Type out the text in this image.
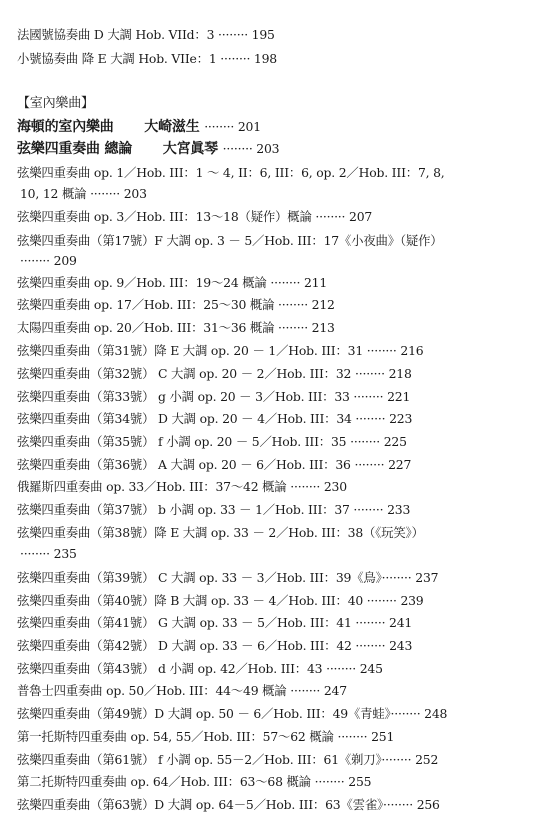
法國號協奏曲 D 大調 Hob. VIId：3 ········ 195
小號協奏曲 降 E 大調 Hob. VIIe：1 ········ 198
【室內樂曲】
海頓的室內樂曲 大崎滋生 ········ 201
弦樂四重奏曲 總論 大宮眞琴 ········ 203
弦樂四重奏曲 op. 1／Hob. III：1 ～ 4, II：6, III：6, op. 2／Hob. III：7, 8,
10, 12 概論 ········ 203
弦樂四重奏曲 op. 3／Hob. III：13～18（疑作）概論 ········ 207
弦樂四重奏曲（第17號）F 大調 op. 3 － 5／Hob. III：17《小夜曲》（疑作）
········ 209
弦樂四重奏曲 op. 9／Hob. III：19～24 概論 ········ 211
弦樂四重奏曲 op. 17／Hob. III：25～30 概論 ········ 212
太陽四重奏曲 op. 20／Hob. III：31～36 概論 ········ 213
弦樂四重奏曲（第31號）降 E 大調 op. 20 － 1／Hob. III：31 ········ 216
弦樂四重奏曲（第32號） C 大調 op. 20 － 2／Hob. III：32 ········ 218
弦樂四重奏曲（第33號） g 小調 op. 20 － 3／Hob. III：33 ········ 221
弦樂四重奏曲（第34號） D 大調 op. 20 － 4／Hob. III：34 ········ 223
弦樂四重奏曲（第35號） f 小調 op. 20 － 5／Hob. III：35 ········ 225
弦樂四重奏曲（第36號） A 大調 op. 20 － 6／Hob. III：36 ········ 227
俄羅斯四重奏曲 op. 33／Hob. III：37～42 概論 ········ 230
弦樂四重奏曲（第37號） b 小調 op. 33 － 1／Hob. III：37 ········ 233
弦樂四重奏曲（第38號）降 E 大調 op. 33 － 2／Hob. III：38（《玩笑》）
········ 235
弦樂四重奏曲（第39號） C 大調 op. 33 － 3／Hob. III：39《鳥》········ 237
弦樂四重奏曲（第40號）降 B 大調 op. 33 － 4／Hob. III：40 ········ 239
弦樂四重奏曲（第41號） G 大調 op. 33 － 5／Hob. III：41 ········ 241
弦樂四重奏曲（第42號） D 大調 op. 33 － 6／Hob. III：42 ········ 243
弦樂四重奏曲（第43號） d 小調 op. 42／Hob. III：43 ········ 245
普魯士四重奏曲 op. 50／Hob. III：44～49 概論 ········ 247
弦樂四重奏曲（第49號）D 大調 op. 50 － 6／Hob. III：49《青蛙》········ 248
第一托斯特四重奏曲 op. 54, 55／Hob. III：57～62 概論 ········ 251
弦樂四重奏曲（第61號） f 小調 op. 55－2／Hob. III：61《剃刀》········ 252
第二托斯特四重奏曲 op. 64／Hob. III：63～68 概論 ········ 255
弦樂四重奏曲（第63號）D 大調 op. 64－5／Hob. III：63《雲雀》········ 256
